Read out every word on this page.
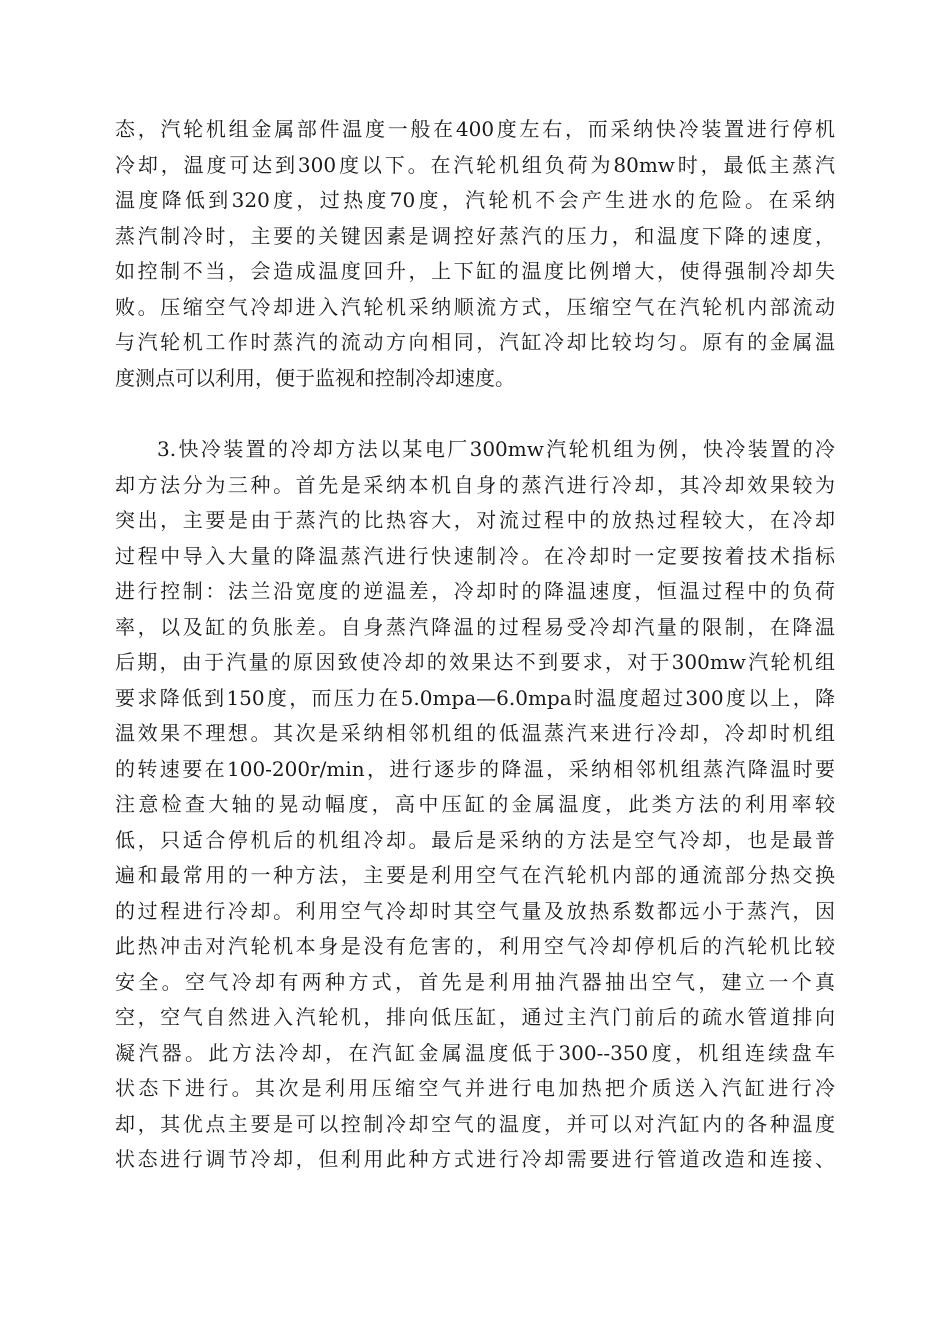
态，汽轮机组金属部件温度一般在400度左右，而采纳快冷装置进行停机
冷却，温度可达到300度以下。在汽轮机组负荷为80mw时，最低主蒸汽
温度降低到320度，过热度70度，汽轮机不会产生进水的危险。在采纳
蒸汽制冷时，主要的关键因素是调控好蒸汽的压力，和温度下降的速度，
如控制不当，会造成温度回升，上下缸的温度比例增大，使得强制冷却失
败。压缩空气冷却进入汽轮机采纳顺流方式，压缩空气在汽轮机内部流动
与汽轮机工作时蒸汽的流动方向相同，汽缸冷却比较均匀。原有的金属温
度测点可以利用，便于监视和控制冷却速度。
3.快冷装置的冷却方法以某电厂300mw汽轮机组为例，快冷装置的冷
却方法分为三种。首先是采纳本机自身的蒸汽进行冷却，其冷却效果较为
突出，主要是由于蒸汽的比热容大，对流过程中的放热过程较大，在冷却
过程中导入大量的降温蒸汽进行快速制冷。在冷却时一定要按着技术指标
进行控制：法兰沿宽度的逆温差，冷却时的降温速度，恒温过程中的负荷
率，以及缸的负胀差。自身蒸汽降温的过程易受冷却汽量的限制，在降温
后期，由于汽量的原因致使冷却的效果达不到要求，对于300mw汽轮机组
要求降低到150度，而压力在5.0mpa—6.0mpa时温度超过300度以上，降
温效果不理想。其次是采纳相邻机组的低温蒸汽来进行冷却，冷却时机组
的转速要在100-200r/min，进行逐步的降温，采纳相邻机组蒸汽降温时要
注意检查大轴的晃动幅度，高中压缸的金属温度，此类方法的利用率较
低，只适合停机后的机组冷却。最后是采纳的方法是空气冷却，也是最普
遍和最常用的一种方法，主要是利用空气在汽轮机内部的通流部分热交换
的过程进行冷却。利用空气冷却时其空气量及放热系数都远小于蒸汽，因
此热冲击对汽轮机本身是没有危害的，利用空气冷却停机后的汽轮机比较
安全。空气冷却有两种方式，首先是利用抽汽器抽出空气，建立一个真
空，空气自然进入汽轮机，排向低压缸，通过主汽门前后的疏水管道排向
凝汽器。此方法冷却，在汽缸金属温度低于300--350度，机组连续盘车
状态下进行。其次是利用压缩空气并进行电加热把介质送入汽缸进行冷
却，其优点主要是可以控制冷却空气的温度，并可以对汽缸内的各种温度
状态进行调节冷却，但利用此种方式进行冷却需要进行管道改造和连接、
